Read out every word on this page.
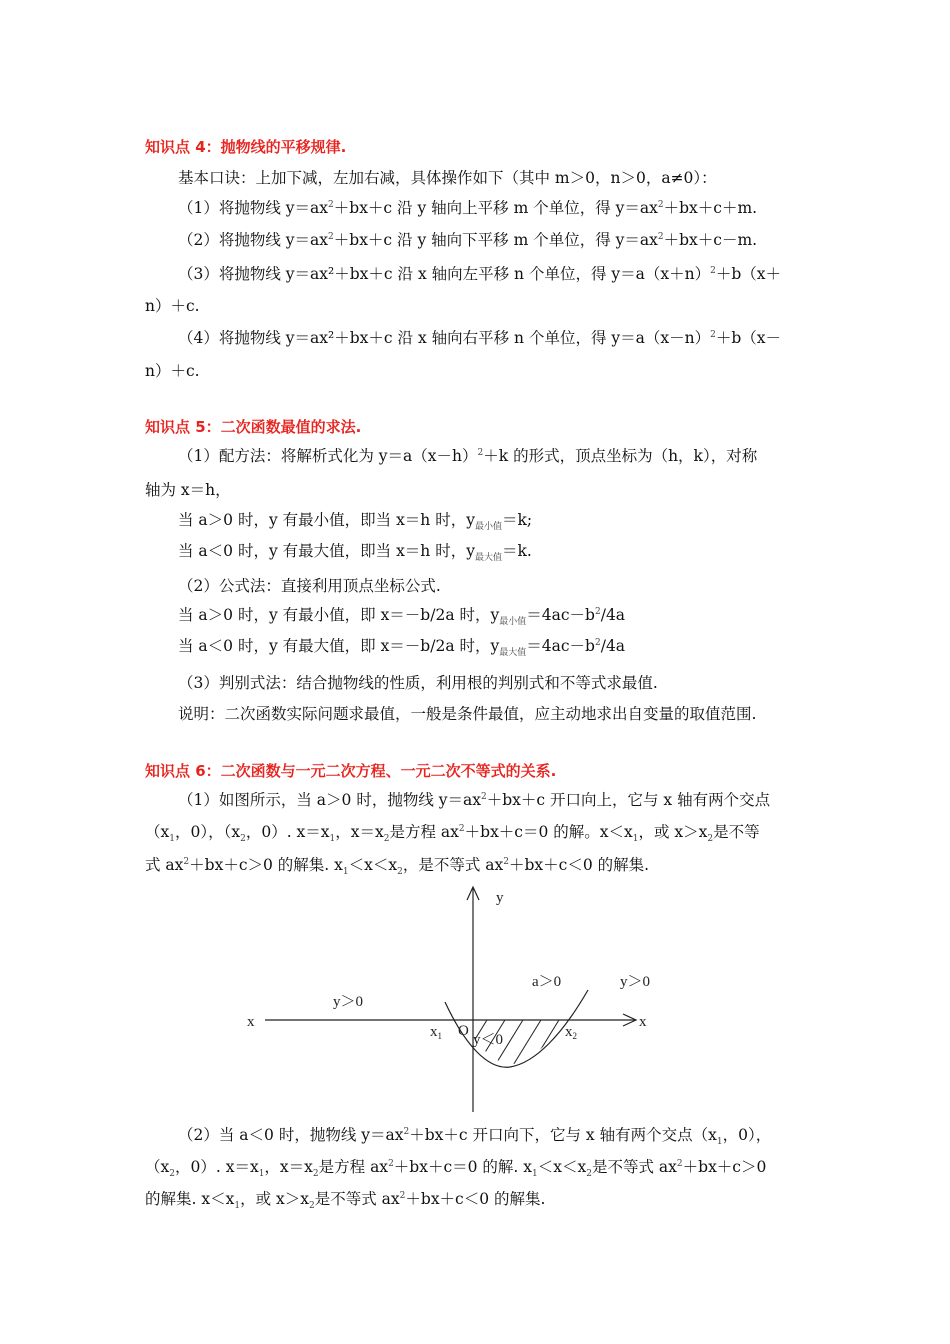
知识点 4：抛物线的平移规律.
基本口诀：上加下减，左加右减，具体操作如下（其中 m＞0，n＞0，a≠0）：
（1）将抛物线 $y=ax^2+bx+c$ 沿 y 轴向上平移 m 个单位，得 $y=ax^2+bx+c+m$.
（2）将抛物线 $y=ax^2+bx+c$ 沿 y 轴向下平移 m 个单位，得 $y=ax^2+bx+c-m$.
（3）将抛物线 y＝ax²＋bx＋c 沿 x 轴向左平移 n 个单位，得 $y=a(x+n)^2+b(x+$
n）＋c.
（4）将抛物线 y＝ax²＋bx＋c 沿 x 轴向右平移 n 个单位，得 $y=a(x-n)^2+b(x-$
n）＋c.
知识点 5：二次函数最值的求法.
（1）配方法：将解析式化为 $y=a(x-h)^2+k$ 的形式，顶点坐标为（h，k），对称
轴为 x＝h，
当 a＞0 时，y 有最小值，即当 x＝h 时，$y_{最小值}=k$;
当 a＜0 时，y 有最大值，即当 x＝h 时，$y_{最大值}=k$.
（2）公式法：直接利用顶点坐标公式.
当 a＞0 时，y 有最小值，即 x＝－b/2a 时，$y_{最小值}=4ac-b^2/4a$
当 a＜0 时，y 有最大值，即 x＝－b/2a 时，$y_{最大值}=4ac-b^2/4a$
（3）判别式法：结合抛物线的性质，利用根的判别式和不等式求最值.
说明：二次函数实际问题求最值，一般是条件最值，应主动地求出自变量的取值范围.
知识点 6：二次函数与一元二次方程、一元二次不等式的关系.
（1）如图所示，当 a＞0 时，抛物线 $y=ax^2+bx+c$ 开口向上，它与 x 轴有两个交点
（$x_1$，0），（$x_2$，0）. $x=x_1$，$x=x_2$是方程 $ax^2+bx+c=0$ 的解。$x<x_1$，或 $x>x_2$是不等
式 $ax^2+bx+c>0$ 的解集. $x_1<x<x_2$，是不等式 $ax^2+bx+c<0$ 的解集.
y
x	x
y＞0
a＞0	y＞0
$x_1$ O
y＜0	$x_2$
（2）当 a＜0 时，抛物线 $y=ax^2+bx+c$ 开口向下，它与 x 轴有两个交点（$x_1$，0），
（$x_2$，0）. $x=x_1$，$x=x_2$是方程 $ax^2+bx+c=0$ 的解. $x_1<x<x_2$是不等式 $ax^2+bx+c>0$
的解集. $x<x_1$，或 $x>x_2$是不等式 $ax^2+bx+c<0$ 的解集.
